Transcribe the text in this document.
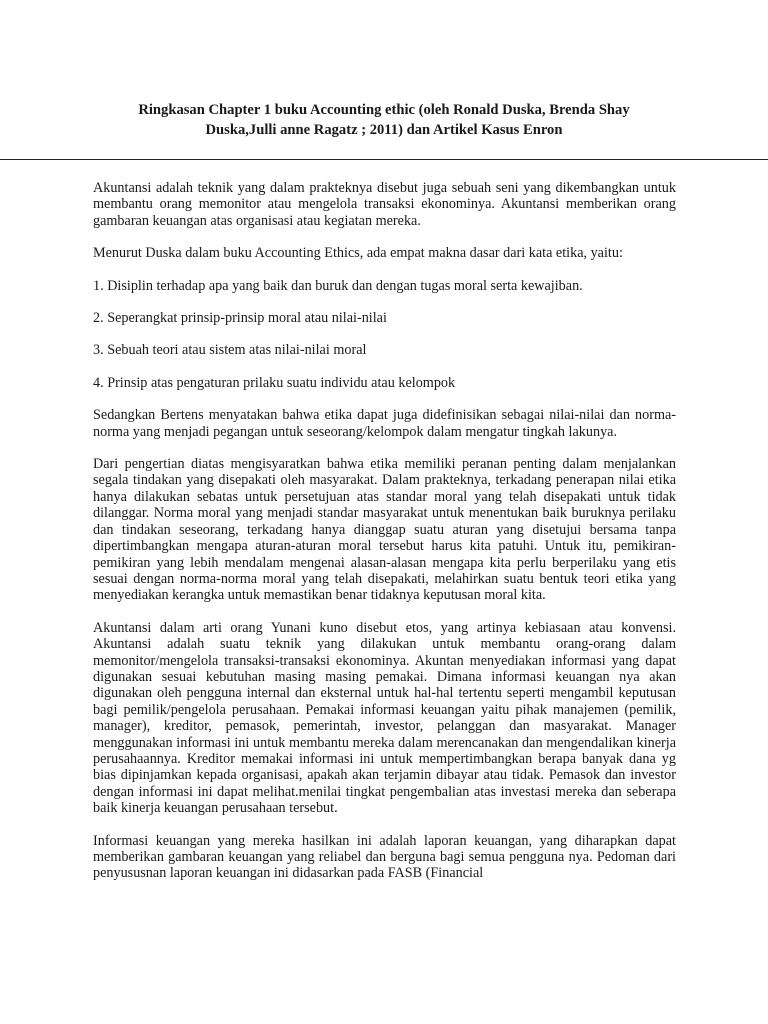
Ringkasan Chapter 1 buku Accounting ethic (oleh Ronald Duska, Brenda Shay
Duska,Julli anne Ragatz ; 2011) dan Artikel Kasus Enron

Akuntansi adalah teknik yang dalam prakteknya disebut juga sebuah seni yang dikembangkan untuk membantu orang memonitor atau mengelola transaksi ekonominya. Akuntansi memberikan orang gambaran keuangan atas organisasi atau kegiatan mereka.

Menurut Duska dalam buku Accounting Ethics, ada empat makna dasar dari kata etika, yaitu:

1. Disiplin terhadap apa yang baik dan buruk dan dengan tugas moral serta kewajiban.

2. Seperangkat prinsip-prinsip moral atau nilai-nilai

3. Sebuah teori atau sistem atas nilai-nilai moral

4. Prinsip atas pengaturan prilaku suatu individu atau kelompok

Sedangkan Bertens menyatakan bahwa etika dapat juga didefinisikan sebagai nilai-nilai dan norma-norma yang menjadi pegangan untuk seseorang/kelompok dalam mengatur tingkah lakunya.

Dari pengertian diatas mengisyaratkan bahwa etika memiliki peranan penting dalam menjalankan segala tindakan yang disepakati oleh masyarakat. Dalam prakteknya, terkadang penerapan nilai etika hanya dilakukan sebatas untuk persetujuan atas standar moral yang telah disepakati untuk tidak dilanggar. Norma moral yang menjadi standar masyarakat untuk menentukan baik buruknya perilaku dan tindakan seseorang, terkadang hanya dianggap suatu aturan yang disetujui bersama tanpa dipertimbangkan mengapa aturan-aturan moral tersebut harus kita patuhi. Untuk itu, pemikiran-pemikiran yang lebih mendalam mengenai alasan-alasan mengapa kita perlu berperilaku yang etis sesuai dengan norma-norma moral yang telah disepakati, melahirkan suatu bentuk teori etika yang menyediakan kerangka untuk memastikan benar tidaknya keputusan moral kita.

Akuntansi dalam arti orang Yunani kuno disebut etos, yang artinya kebiasaan atau konvensi. Akuntansi adalah suatu teknik yang dilakukan untuk membantu orang-orang dalam memonitor/mengelola transaksi-transaksi ekonominya. Akuntan menyediakan informasi yang dapat digunakan sesuai kebutuhan masing masing pemakai. Dimana informasi keuangan nya akan digunakan oleh pengguna internal dan eksternal untuk hal-hal tertentu seperti mengambil keputusan bagi pemilik/pengelola perusahaan. Pemakai informasi keuangan yaitu pihak manajemen (pemilik, manager), kreditor, pemasok, pemerintah, investor, pelanggan dan masyarakat. Manager menggunakan informasi ini untuk membantu mereka dalam merencanakan dan mengendalikan kinerja perusahaannya. Kreditor memakai informasi ini untuk mempertimbangkan berapa banyak dana yg bias dipinjamkan kepada organisasi, apakah akan terjamin dibayar atau tidak. Pemasok dan investor dengan informasi ini dapat melihat.menilai tingkat pengembalian atas investasi mereka dan seberapa baik kinerja keuangan perusahaan tersebut.

Informasi keuangan yang mereka hasilkan ini adalah laporan keuangan, yang diharapkan dapat memberikan gambaran keuangan yang reliabel dan berguna bagi semua pengguna nya. Pedoman dari penyususnan laporan keuangan ini didasarkan pada FASB (Financial
